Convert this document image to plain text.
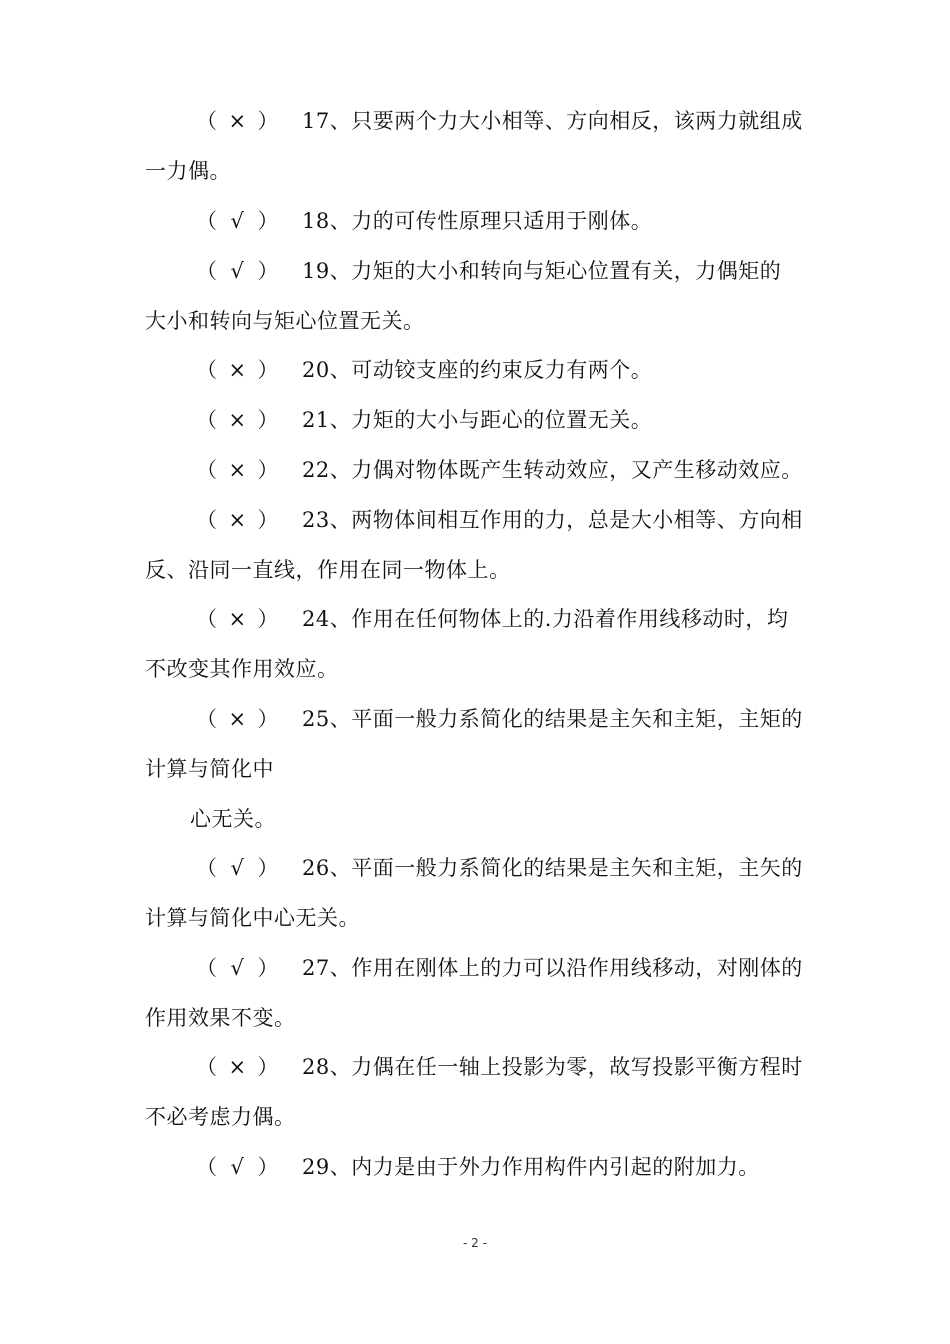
（ × ） 17、只要两个力大小相等、方向相反，该两力就组成
一力偶。
（ √ ） 18、力的可传性原理只适用于刚体。
（ √ ） 19、力矩的大小和转向与矩心位置有关，力偶矩的
大小和转向与矩心位置无关。
（ × ） 20、可动铰支座的约束反力有两个。
（ × ） 21、力矩的大小与距心的位置无关。
（ × ） 22、力偶对物体既产生转动效应，又产生移动效应。
（ × ） 23、两物体间相互作用的力，总是大小相等、方向相
反、沿同一直线，作用在同一物体上。
（ × ） 24、作用在任何物体上的.力沿着作用线移动时，均
不改变其作用效应。
（ × ） 25、平面一般力系简化的结果是主矢和主矩，主矩的
计算与简化中
心无关。
（ √ ） 26、平面一般力系简化的结果是主矢和主矩，主矢的
计算与简化中心无关。
（ √ ） 27、作用在刚体上的力可以沿作用线移动，对刚体的
作用效果不变。
（ × ） 28、力偶在任一轴上投影为零，故写投影平衡方程时
不必考虑力偶。
（ √ ） 29、内力是由于外力作用构件内引起的附加力。
- 2 -
